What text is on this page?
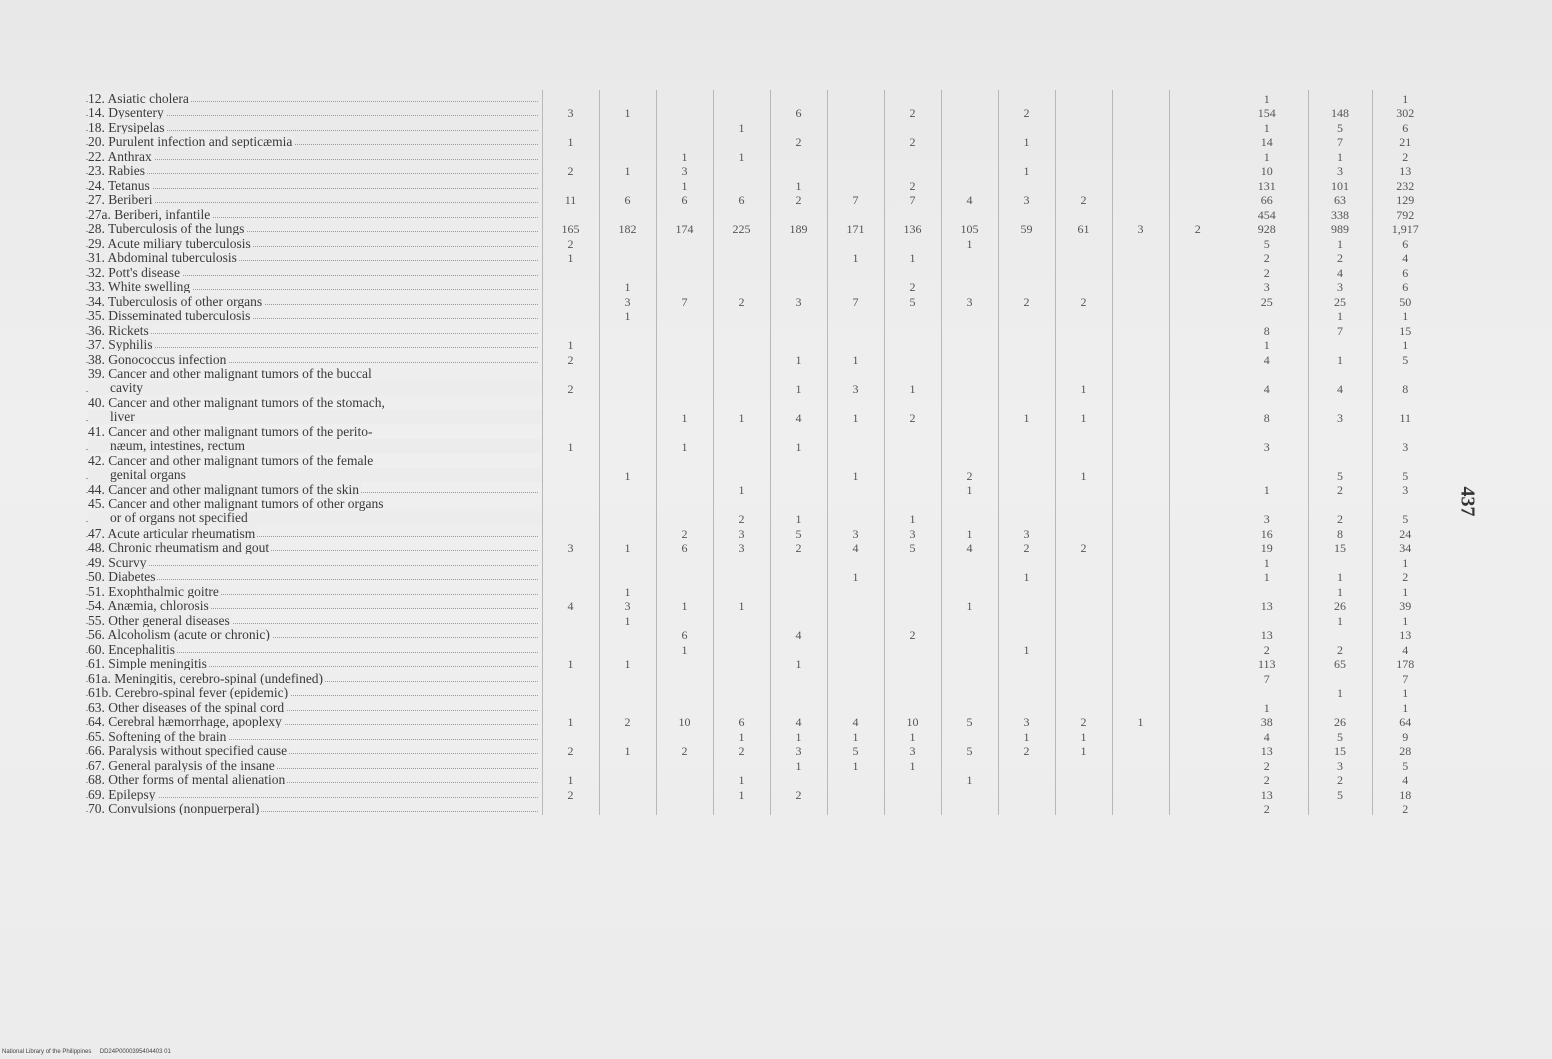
12. Asiatic cholera													1		1
14. Dysentery	3	1			6		2		2				154	148	302
18. Erysipelas				1									1	5	6
20. Purulent infection and septicæmia	1				2		2		1				14	7	21
22. Anthrax			1	1									1	1	2
23. Rabies	2	1	3						1				10	3	13
24. Tetanus			1		1		2						131	101	232
27. Beriberi	11	6	6	6	2	7	7	4	3	2			66	63	129
27a. Beriberi, infantile													454	338	792
28. Tuberculosis of the lungs	165	182	174	225	189	171	136	105	59	61	3	2	928	989	1,917
29. Acute miliary tuberculosis	2							1					5	1	6
31. Abdominal tuberculosis	1					1	1						2	2	4
32. Pott's disease													2	4	6
33. White swelling		1					2						3	3	6
34. Tuberculosis of other organs		3	7	2	3	7	5	3	2	2			25	25	50
35. Disseminated tuberculosis		1												1	1
36. Rickets													8	7	15
37. Syphilis	1												1		1
38. Gonococcus infection	2				1	1							4	1	5

39. Cancer and other malignant tumors of the buccal
cavity	2				1	3	1			1			4	4	8

40. Cancer and other malignant tumors of the stomach,
liver			1	1	4	1	2		1	1			8	3	11

41. Cancer and other malignant tumors of the perito-
næum, intestines, rectum	1		1		1								3		3

42. Cancer and other malignant tumors of the female
genital organs		1				1		2		1				5	5
44. Cancer and other malignant tumors of the skin				1				1					1	2	3

45. Cancer and other malignant tumors of other organs
or of organs not specified				2	1		1						3	2	5
47. Acute articular rheumatism			2	3	5	3	3	1	3				16	8	24
48. Chronic rheumatism and gout	3	1	6	3	2	4	5	4	2	2			19	15	34
49. Scurvy													1		1
50. Diabetes						1			1				1	1	2
51. Exophthalmic goitre		1												1	1
54. Anæmia, chlorosis	4	3	1	1				1					13	26	39
55. Other general diseases		1												1	1
56. Alcoholism (acute or chronic)			6		4		2						13		13
60. Encephalitis			1						1				2	2	4
61. Simple meningitis	1	1			1								113	65	178
61a. Meningitis, cerebro-spinal (undefined)													7		7
61b. Cerebro-spinal fever (epidemic)														1	1
63. Other diseases of the spinal cord													1		1
64. Cerebral hæmorrhage, apoplexy	1	2	10	6	4	4	10	5	3	2	1		38	26	64
65. Softening of the brain				1	1	1	1		1	1			4	5	9
66. Paralysis without specified cause	2	1	2	2	3	5	3	5	2	1			13	15	28
67. General paralysis of the insane					1	1	1						2	3	5
68. Other forms of mental alienation	1			1				1					2	2	4
69. Epilepsy	2			1	2								13	5	18
70. Convulsions (nonpuerperal)													2		2
437
National Library of the Philippines DD24P0000395404403 01
